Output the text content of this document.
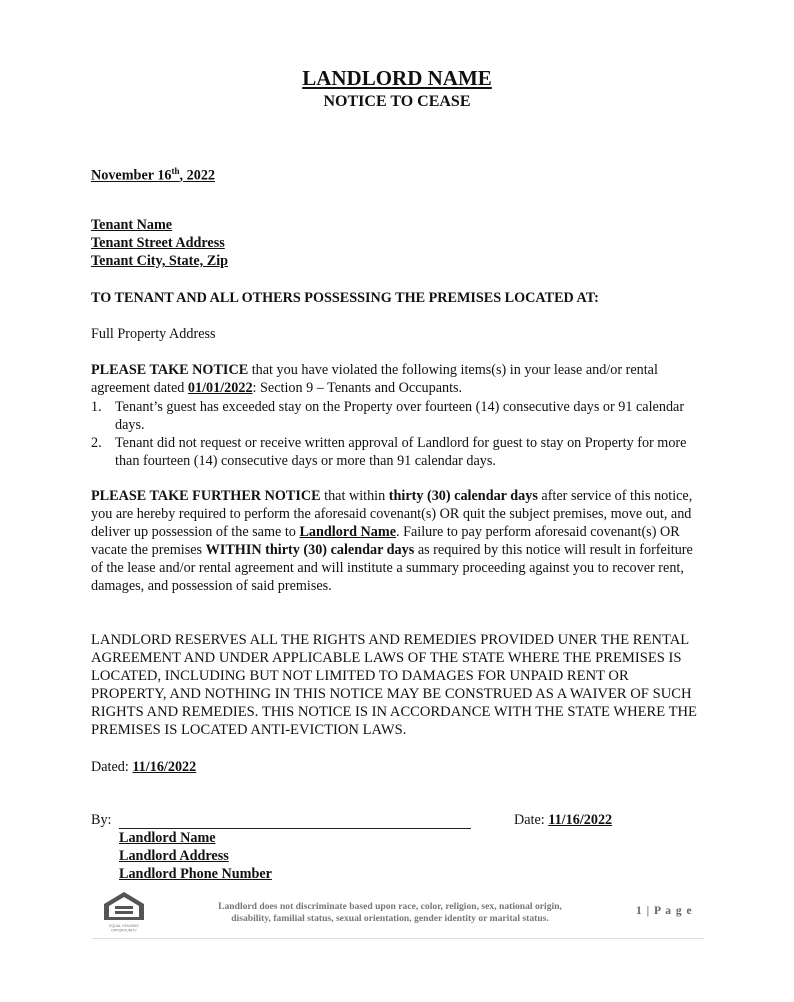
LANDLORD NAME
NOTICE TO CEASE
November 16th, 2022
Tenant Name
Tenant Street Address
Tenant City, State, Zip
TO TENANT AND ALL OTHERS POSSESSING THE PREMISES LOCATED AT:
Full Property Address
PLEASE TAKE NOTICE that you have violated the following items(s) in your lease and/or rental agreement dated 01/01/2022: Section 9 – Tenants and Occupants.
1. Tenant’s guest has exceeded stay on the Property over fourteen (14) consecutive days or 91 calendar days.
2. Tenant did not request or receive written approval of Landlord for guest to stay on Property for more than fourteen (14) consecutive days or more than 91 calendar days.
PLEASE TAKE FURTHER NOTICE that within thirty (30) calendar days after service of this notice, you are hereby required to perform the aforesaid covenant(s) OR quit the subject premises, move out, and deliver up possession of the same to Landlord Name. Failure to pay perform aforesaid covenant(s) OR vacate the premises WITHIN thirty (30) calendar days as required by this notice will result in forfeiture of the lease and/or rental agreement and will institute a summary proceeding against you to recover rent, damages, and possession of said premises.
LANDLORD RESERVES ALL THE RIGHTS AND REMEDIES PROVIDED UNER THE RENTAL AGREEMENT AND UNDER APPLICABLE LAWS OF THE STATE WHERE THE PREMISES IS LOCATED, INCLUDING BUT NOT LIMITED TO DAMAGES FOR UNPAID RENT OR PROPERTY, AND NOTHING IN THIS NOTICE MAY BE CONSTRUED AS A WAIVER OF SUCH RIGHTS AND REMEDIES. THIS NOTICE IS IN ACCORDANCE WITH THE STATE WHERE THE PREMISES IS LOCATED ANTI-EVICTION LAWS.
Dated: 11/16/2022
By:	Date: 11/16/2022
Landlord Name
Landlord Address
Landlord Phone Number
EQUAL HOUSING
OPPORTUNITY
Landlord does not discriminate based upon race, color, religion, sex, national origin,
disability, familial status, sexual orientation, gender identity or marital status.
1 | P a g e
